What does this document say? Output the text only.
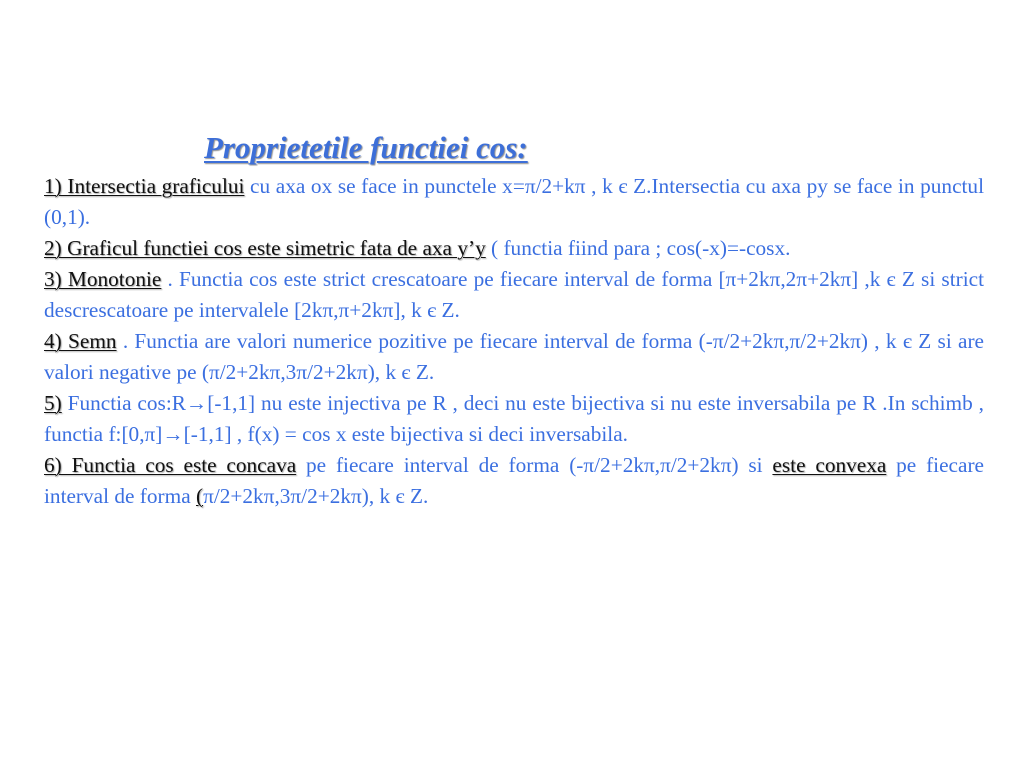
Proprietetile functiei cos:

1) Intersectia graficului cu axa ox se face in punctele x=π/2+kπ , k є Z.Intersectia cu axa py se face in punctul (0,1).

2) Graficul functiei cos este simetric fata de axa y’y ( functia fiind para ; cos(-x)=-cosx.

3) Monotonie . Functia cos este strict crescatoare pe fiecare interval de forma [π+2kπ,2π+2kπ] ,k є Z si strict descrescatoare pe intervalele [2kπ,π+2kπ], k є Z.

4) Semn . Functia are valori numerice pozitive pe fiecare interval de forma (-π/2+2kπ,π/2+2kπ) , k є Z si are valori negative pe (π/2+2kπ,3π/2+2kπ), k є Z.

5) Functia cos:R→[-1,1] nu este injectiva pe R , deci nu este bijectiva si nu este inversabila pe R .In schimb , functia f:[0,π]→[-1,1] , f(x) = cos x este bijectiva si deci inversabila.

6) Functia cos este concava pe fiecare interval de forma (-π/2+2kπ,π/2+2kπ) si este convexa pe fiecare interval de forma (π/2+2kπ,3π/2+2kπ), k є Z.
